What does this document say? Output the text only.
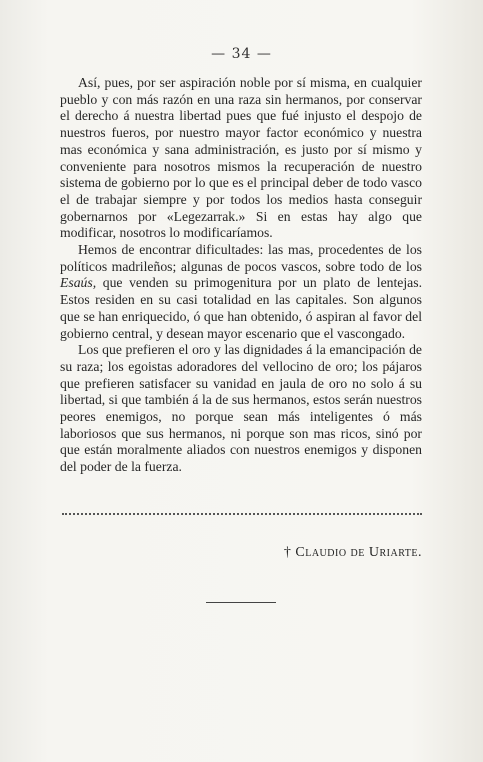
— 34 —

Así, pues, por ser aspiración noble por sí misma, en cualquier pueblo y con más razón en una raza sin hermanos, por conservar el derecho á nuestra libertad pues que fué injusto el despojo de nuestros fueros, por nuestro mayor factor económico y nuestra mas económica y sana administración, es justo por sí mismo y conveniente para nosotros mismos la recuperación de nuestro sistema de gobierno por lo que es el principal deber de todo vasco el de trabajar siempre y por todos los medios hasta conseguir gobernarnos por «Legezarrak.» Si en estas hay algo que modificar, nosotros lo modificaríamos.

Hemos de encontrar dificultades: las mas, procedentes de los políticos madrileños; algunas de pocos vascos, sobre todo de los Esaús, que venden su primogenitura por un plato de lentejas. Estos residen en su casi totalidad en las capitales. Son algunos que se han enriquecido, ó que han obtenido, ó aspiran al favor del gobierno central, y desean mayor escenario que el vascongado.

Los que prefieren el oro y las dignidades á la emancipación de su raza; los egoistas adoradores del vellocino de oro; los pájaros que prefieren satisfacer su vanidad en jaula de oro no solo á su libertad, si que también á la de sus hermanos, estos serán nuestros peores enemigos, no porque sean más inteligentes ó más laboriosos que sus hermanos, ni porque son mas ricos, sinó por que están moralmente aliados con nuestros enemigos y disponen del poder de la fuerza.

† Claudio de Uriarte.
